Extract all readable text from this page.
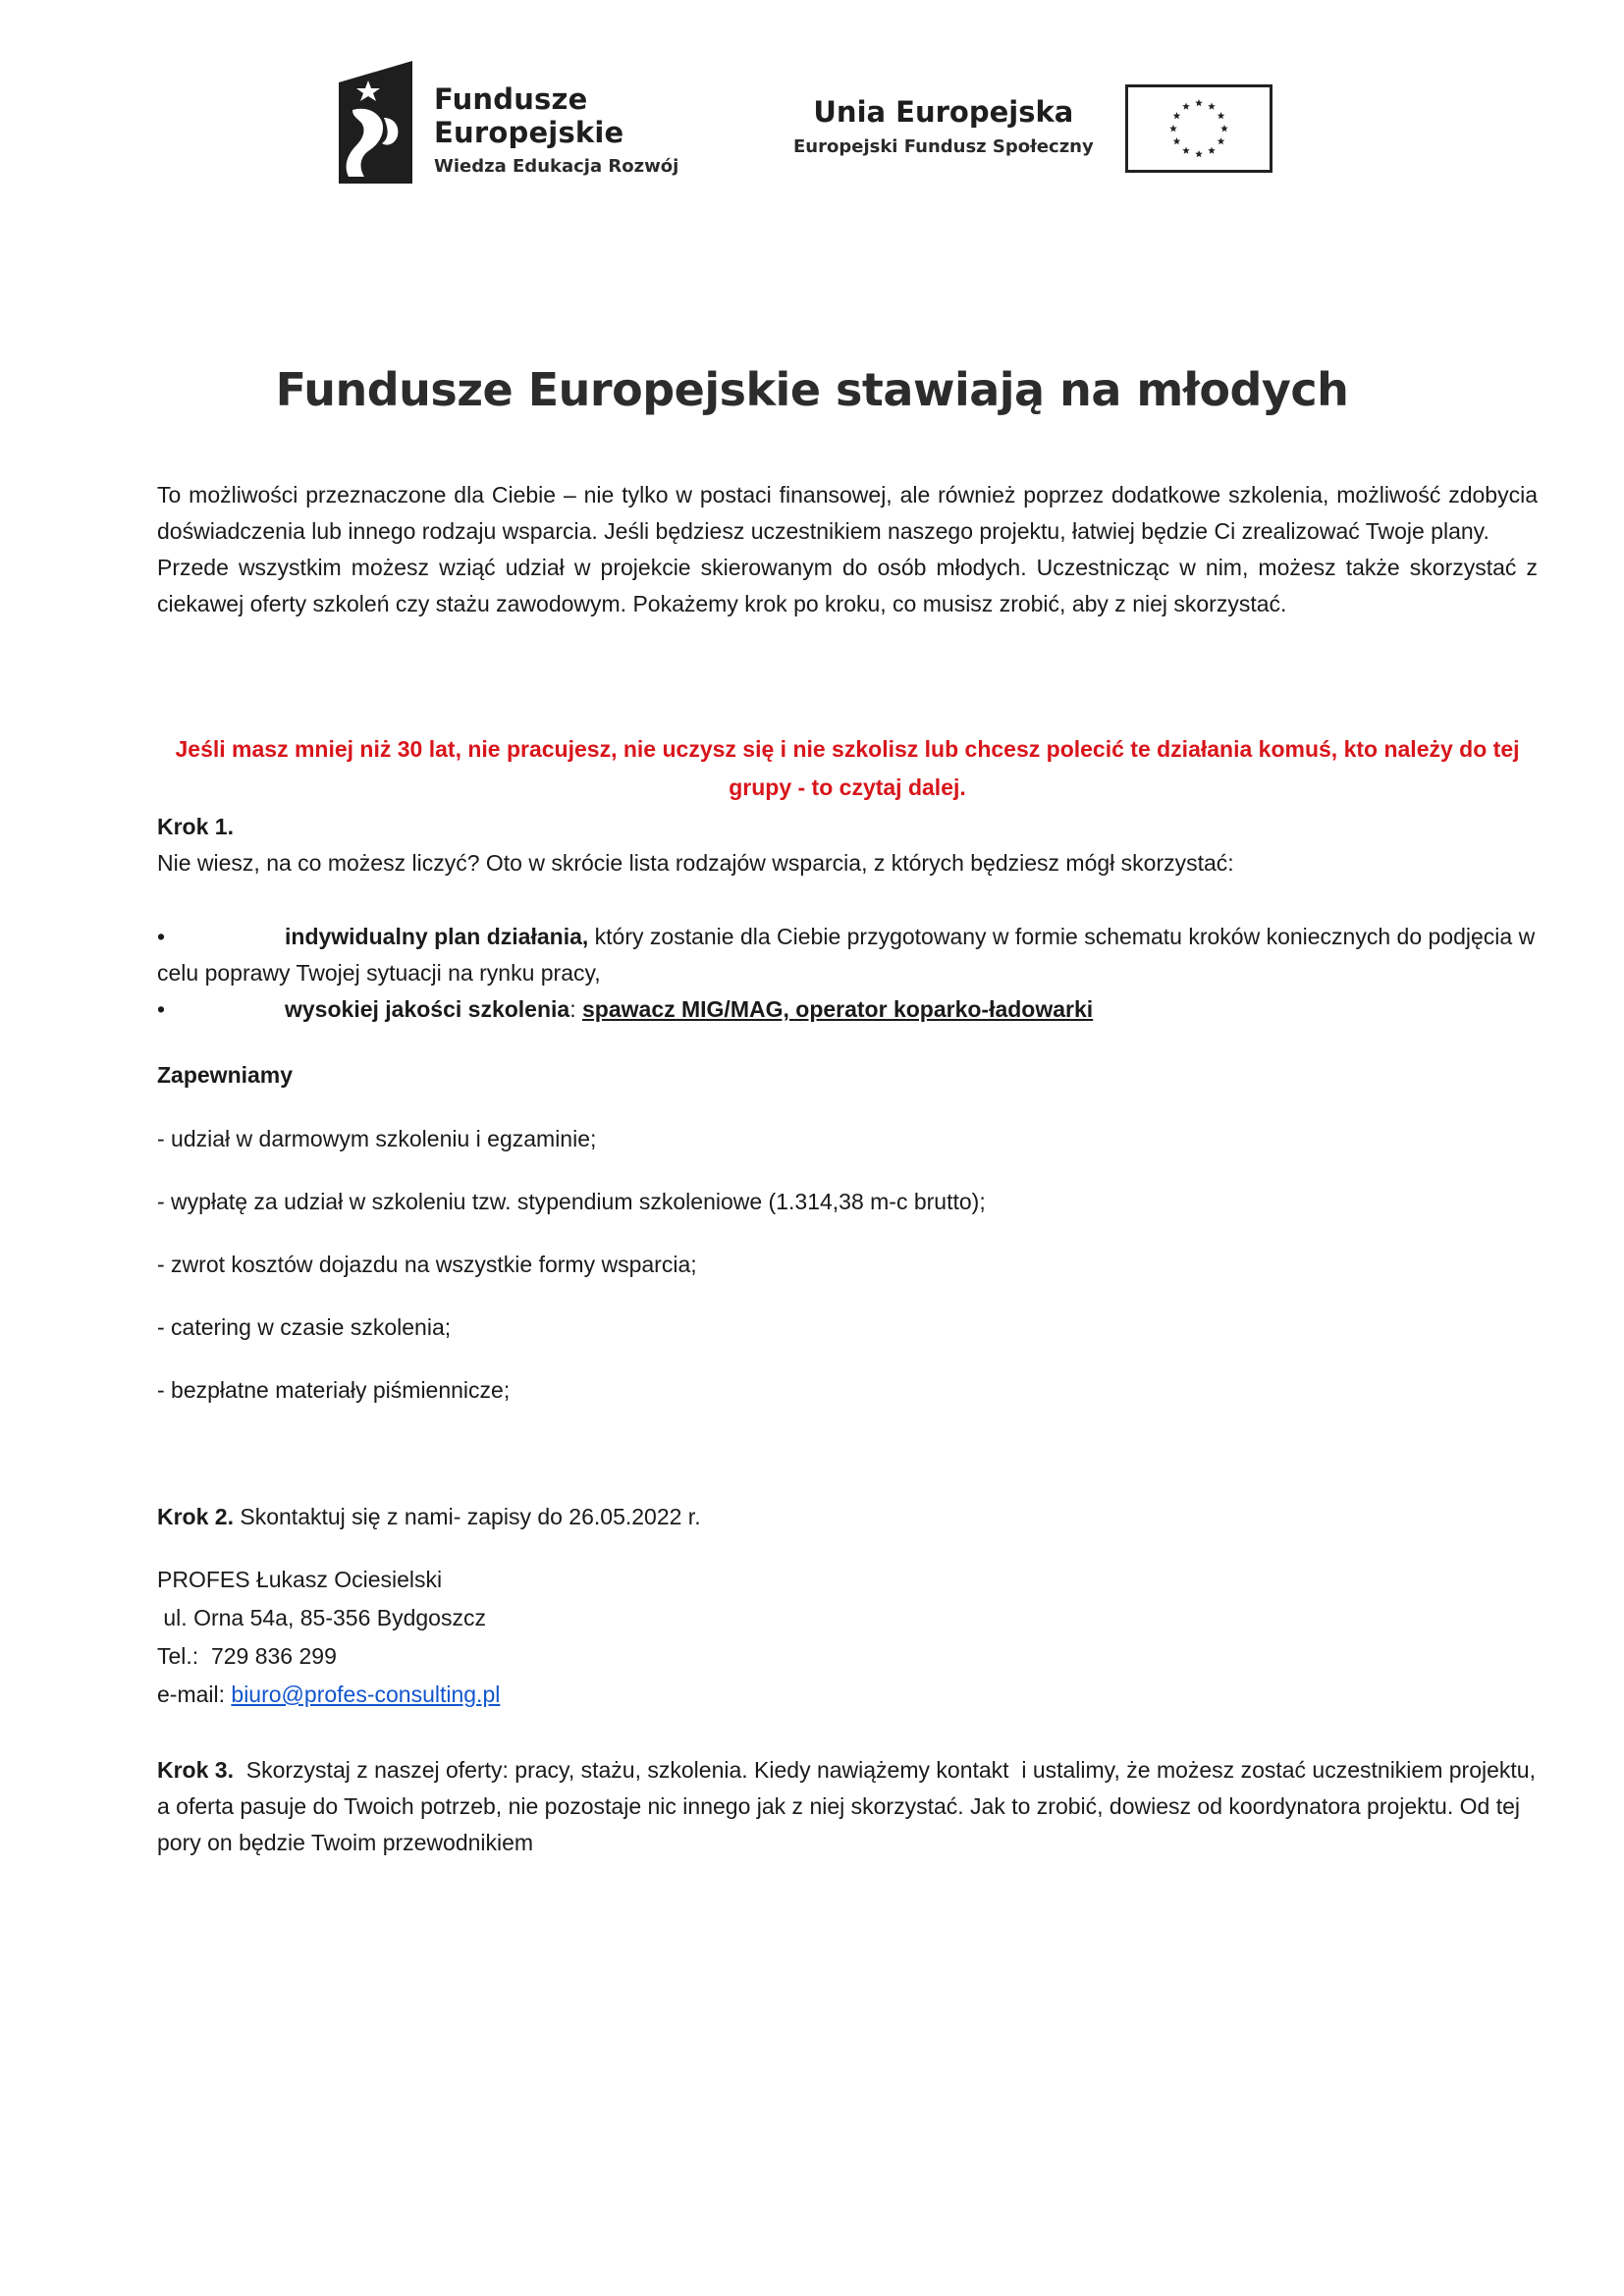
Fundusze
Europejskie
Wiedza Edukacja Rozwój
Unia Europejska
Europejski Fundusz Społeczny
Fundusze Europejskie stawiają na młodych

To możliwości przeznaczone dla Ciebie – nie tylko w postaci finansowej, ale również poprzez dodatkowe szkolenia, możliwość zdobycia doświadczenia lub innego rodzaju wsparcia. Jeśli będziesz uczestnikiem naszego projektu, łatwiej będzie Ci zrealizować Twoje plany.

Przede wszystkim możesz wziąć udział w projekcie skierowanym do osób młodych. Uczestnicząc w nim, możesz także skorzystać z ciekawej oferty szkoleń czy stażu zawodowym. Pokażemy krok po kroku, co musisz zrobić, aby z niej skorzystać.

Jeśli masz mniej niż 30 lat, nie pracujesz, nie uczysz się i nie szkolisz lub chcesz polecić te działania komuś, kto należy do tej grupy - to czytaj dalej.

Krok 1.

Nie wiesz, na co możesz liczyć? Oto w skrócie lista rodzajów wsparcia, z których będziesz mógł skorzystać:

•	indywidualny plan działania, który zostanie dla Ciebie przygotowany w formie schematu kroków koniecznych do podjęcia w celu poprawy Twojej sytuacji na rynku pracy,
•	wysokiej jakości szkolenia: spawacz MIG/MAG, operator koparko-ładowarki

Zapewniamy

- udział w darmowym szkoleniu i egzaminie;

- wypłatę za udział w szkoleniu tzw. stypendium szkoleniowe (1.314,38 m-c brutto);

- zwrot kosztów dojazdu na wszystkie formy wsparcia;

- catering w czasie szkolenia;

- bezpłatne materiały piśmiennicze;

Krok 2. Skontaktuj się z nami- zapisy do 26.05.2022 r.

PROFES Łukasz Ociesielski

ul. Orna 54a, 85-356 Bydgoszcz

Tel.:  729 836 299

e-mail: biuro@profes-consulting.pl

Krok 3.  Skorzystaj z naszej oferty: pracy, stażu, szkolenia. Kiedy nawiążemy kontakt  i ustalimy, że możesz zostać uczestnikiem projektu, a oferta pasuje do Twoich potrzeb, nie pozostaje nic innego jak z niej skorzystać. Jak to zrobić, dowiesz od koordynatora projektu. Od tej pory on będzie Twoim przewodnikiem
